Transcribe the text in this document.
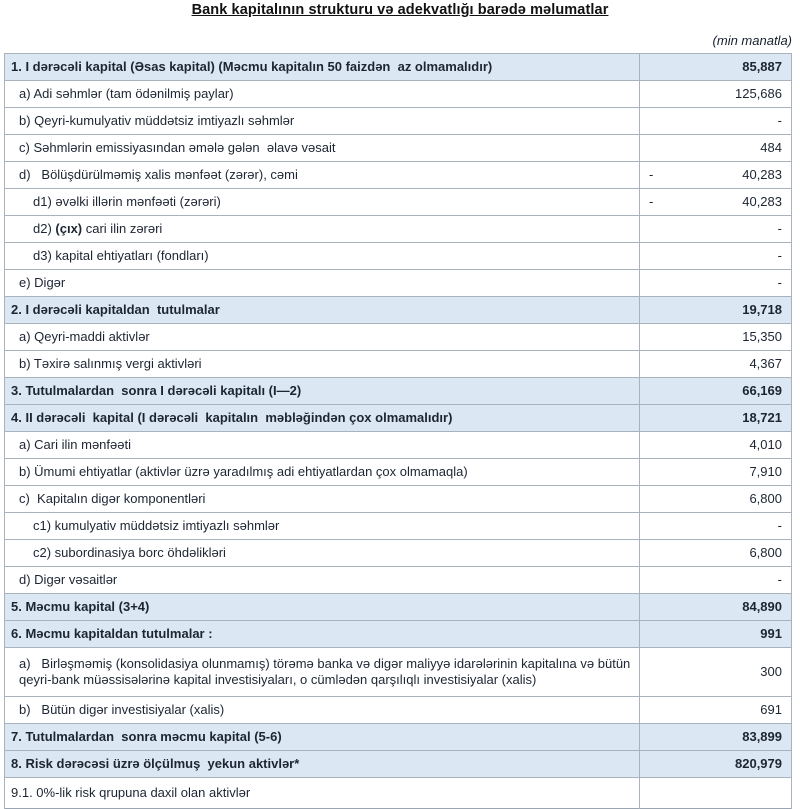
Bank kapitalının strukturu və adekvatlığı barədə məlumatlar
(min manatla)
1. I dərəcəli kapital (Əsas kapital) (Məcmu kapitalın 50 faizdən  az olmamalıdır)	85,887
a) Adi səhmlər (tam ödənilmiş paylar)	125,686
b) Qeyri-kumulyativ müddətsiz imtiyazlı səhmlər	-
c) Səhmlərin emissiyasından əmələ gələn  əlavə vəsait	484
d)   Bölüşdürülməmiş xalis mənfəət (zərər), cəmi	- 40,283
d1) əvəlki illərin mənfəəti (zərəri)	- 40,283
d2) (çıx) cari ilin zərəri	-
d3) kapital ehtiyatları (fondları)	-
e) Digər	-
2. I dərəcəli kapitaldan  tutulmalar	19,718
a) Qeyri-maddi aktivlər	15,350
b) Təxirə salınmış vergi aktivləri	4,367
3. Tutulmalardan  sonra I dərəcəli kapitalı (I—2)	66,169
4. II dərəcəli  kapital (I dərəcəli  kapitalın  məbləğindən çox olmamalıdır)	18,721
a) Cari ilin mənfəəti	4,010
b) Ümumi ehtiyatlar (aktivlər üzrə yaradılmış adi ehtiyatlardan çox olmamaqla)	7,910
c)  Kapitalın digər komponentləri	6,800
c1) kumulyativ müddətsiz imtiyazlı səhmlər	-
c2) subordinasiya borc öhdəlikləri	6,800
d) Digər vəsaitlər	-
5. Məcmu kapital (3+4)	84,890
6. Məcmu kapitaldan tutulmalar :	991
a)   Birləşməmiş (konsolidasiya olunmamış) törəmə banka və digər maliyyə idarələrinin kapitalına və bütün qeyri-bank müəssisələrinə kapital investisiyaları, o cümlədən qarşılıqlı investisiyalar (xalis)	300
b)   Bütün digər investisiyalar (xalis)	691
7. Tutulmalardan  sonra məcmu kapital (5-6)	83,899
8. Risk dərəcəsi üzrə ölçülmuş  yekun aktivlər*	820,979
9.1. 0%-lik risk qrupuna daxil olan aktivlər	
